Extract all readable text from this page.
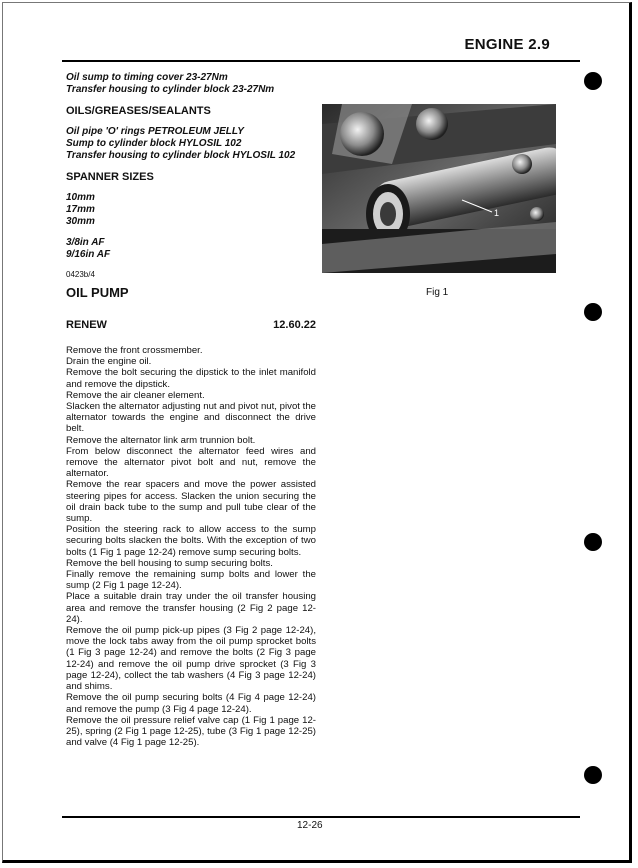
ENGINE 2.9
Oil sump to timing cover 23-27Nm
Transfer housing to cylinder block 23-27Nm
OILS/GREASES/SEALANTS
Oil pipe 'O' rings PETROLEUM JELLY
Sump to cylinder block HYLOSIL 102
Transfer housing to cylinder block HYLOSIL 102
SPANNER SIZES
10mm
17mm
30mm
3/8in AF
9/16in AF
0423b/4
OIL PUMP
RENEW	12.60.22
Remove the front crossmember.
Drain the engine oil.
Remove the bolt securing the dipstick to the inlet manifold and remove the dipstick.
Remove the air cleaner element.
Slacken the alternator adjusting nut and pivot nut, pivot the alternator towards the engine and disconnect the drive belt.
Remove the alternator link arm trunnion bolt.
From below disconnect the alternator feed wires and remove the alternator pivot bolt and nut, remove the alternator.
Remove the rear spacers and move the power assisted steering pipes for access. Slacken the union securing the oil drain back tube to the sump and pull tube clear of the sump.
Position the steering rack to allow access to the sump securing bolts slacken the bolts. With the exception of two bolts (1 Fig 1 page 12-24) remove sump securing bolts.
Remove the bell housing to sump securing bolts.
Finally remove the remaining sump bolts and lower the sump (2 Fig 1 page 12-24).
Place a suitable drain tray under the oil transfer housing area and remove the transfer housing (2 Fig 2 page 12-24).
Remove the oil pump pick-up pipes (3 Fig 2 page 12-24), move the lock tabs away from the oil pump sprocket bolts (1 Fig 3 page 12-24) and remove the bolts (2 Fig 3 page 12-24) and remove the oil pump drive sprocket (3 Fig 3 page 12-24), collect the tab washers (4 Fig 3 page 12-24) and shims.
Remove the oil pump securing bolts (4 Fig 4 page 12-24) and remove the pump (3 Fig 4 page 12-24).
Remove the oil pressure relief valve cap (1 Fig 1 page 12-25), spring (2 Fig 1 page 12-25), tube (3 Fig 1 page 12-25) and valve (4 Fig 1 page 12-25).
1
Fig 1
12-26
